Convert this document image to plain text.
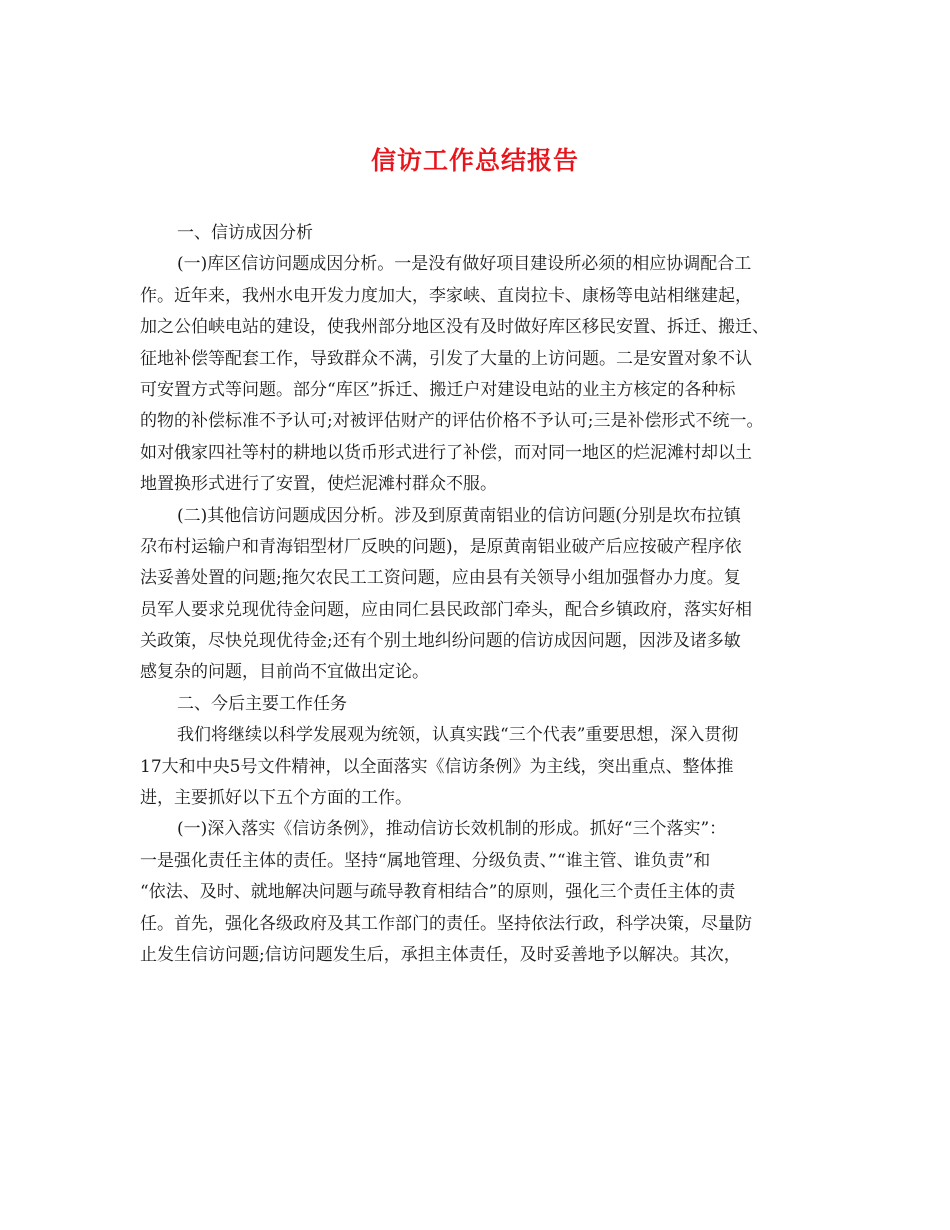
信访工作总结报告
一、信访成因分析
(一)库区信访问题成因分析。一是没有做好项目建设所必须的相应协调配合工
作。近年来，我州水电开发力度加大，李家峡、直岗拉卡、康杨等电站相继建起，
加之公伯峡电站的建设，使我州部分地区没有及时做好库区移民安置、拆迁、搬迁、
征地补偿等配套工作，导致群众不满，引发了大量的上访问题。二是安置对象不认
可安置方式等问题。部分“库区”拆迁、搬迁户对建设电站的业主方核定的各种标
的物的补偿标准不予认可;对被评估财产的评估价格不予认可;三是补偿形式不统一。
如对俄家四社等村的耕地以货币形式进行了补偿，而对同一地区的烂泥滩村却以土
地置换形式进行了安置，使烂泥滩村群众不服。
(二)其他信访问题成因分析。涉及到原黄南铝业的信访问题(分别是坎布拉镇
尕布村运输户和青海铝型材厂反映的问题)，是原黄南铝业破产后应按破产程序依
法妥善处置的问题;拖欠农民工工资问题，应由县有关领导小组加强督办力度。复
员军人要求兑现优待金问题，应由同仁县民政部门牵头，配合乡镇政府，落实好相
关政策，尽快兑现优待金;还有个别土地纠纷问题的信访成因问题，因涉及诸多敏
感复杂的问题，目前尚不宜做出定论。
二、今后主要工作任务
我们将继续以科学发展观为统领，认真实践“三个代表”重要思想，深入贯彻
17大和中央5号文件精神，以全面落实《信访条例》为主线，突出重点、整体推
进，主要抓好以下五个方面的工作。
(一)深入落实《信访条例》，推动信访长效机制的形成。抓好“三个落实”：
一是强化责任主体的责任。坚持“属地管理、分级负责、”“谁主管、谁负责”和
“依法、及时、就地解决问题与疏导教育相结合”的原则，强化三个责任主体的责
任。首先，强化各级政府及其工作部门的责任。坚持依法行政，科学决策，尽量防
止发生信访问题;信访问题发生后，承担主体责任，及时妥善地予以解决。其次，
